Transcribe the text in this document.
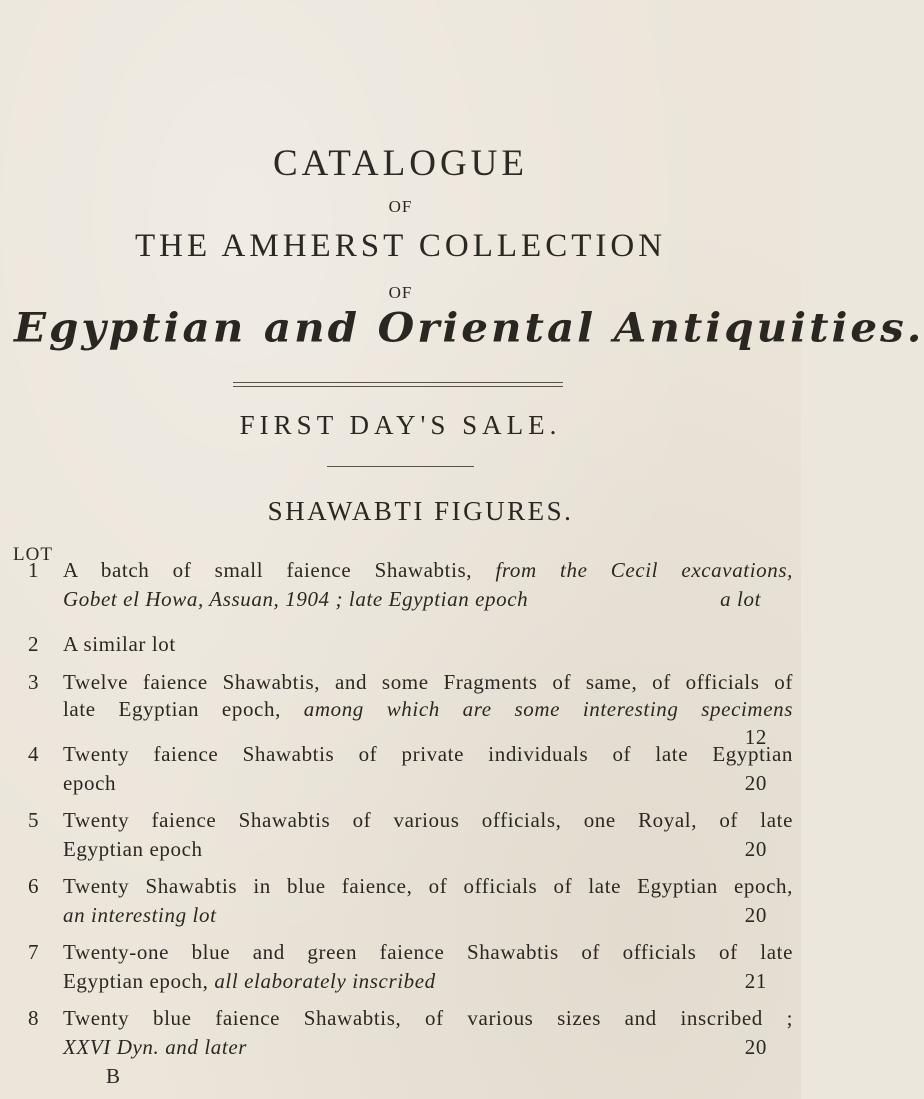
CATALOGUE
OF
THE AMHERST COLLECTION
OF
Egyptian and Oriental Antiquities.
FIRST DAY'S SALE.
SHAWABTI FIGURES.
LOT
1	A batch of small faience Shawabtis, from the Cecil excavations,
Gobet el Howa, Assuan, 1904 ; late Egyptian epoch	a lot
2	A similar lot
3	Twelve faience Shawabtis, and some Fragments of same, of officials of
late Egyptian epoch, among which are some interesting specimens
12
4	Twenty faience Shawabtis of private individuals of late Egyptian
epoch	20
5	Twenty faience Shawabtis of various officials, one Royal, of late
Egyptian epoch	20
6	Twenty Shawabtis in blue faience, of officials of late Egyptian epoch,
an interesting lot	20
7	Twenty-one blue and green faience Shawabtis of officials of late
Egyptian epoch, all elaborately inscribed	21
8	Twenty blue faience Shawabtis, of various sizes and inscribed ;
XXVI Dyn. and later	20
B
